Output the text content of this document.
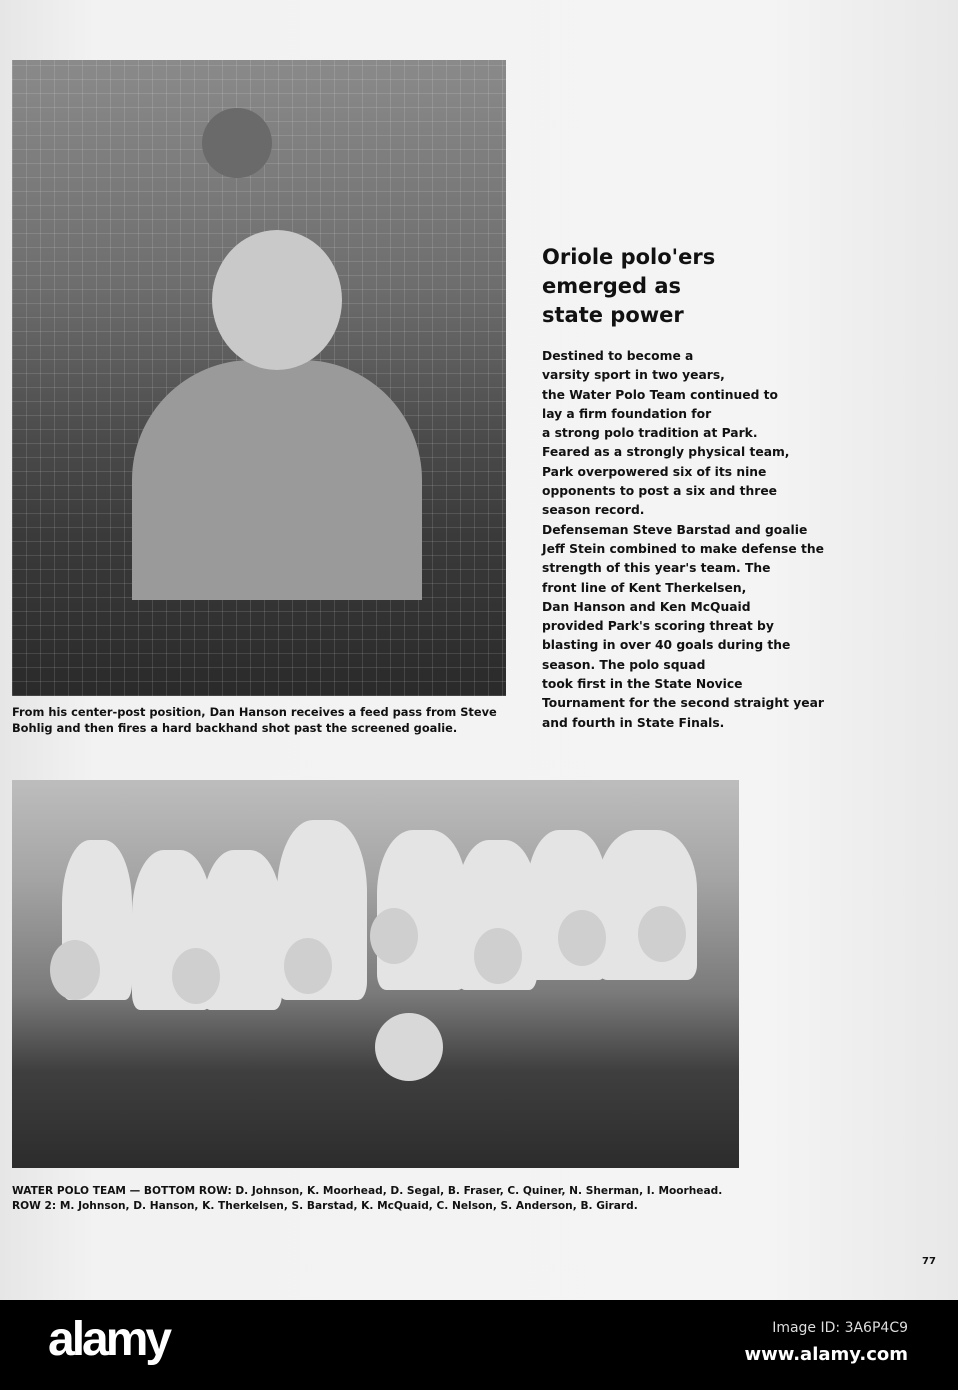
Oriole polo'ers
emerged as
state power
Destined to become a
varsity sport in two years,
the Water Polo Team continued to
lay a firm foundation for
a strong polo tradition at Park.
Feared as a strongly physical team,
Park overpowered six of its nine
opponents to post a six and three
season record.
Defenseman Steve Barstad and goalie
Jeff Stein combined to make defense the
strength of this year's team. The
front line of Kent Therkelsen,
Dan Hanson and Ken McQuaid
provided Park's scoring threat by
blasting in over 40 goals during the
season. The polo squad
took first in the State Novice
Tournament for the second straight year
and fourth in State Finals.
From his center-post position, Dan Hanson receives a feed pass from Steve Bohlig and then fires a hard backhand shot past the screened goalie.
WATER POLO TEAM — BOTTOM ROW: D. Johnson, K. Moorhead, D. Segal, B. Fraser, C. Quiner, N. Sherman, I. Moorhead.
ROW 2: M. Johnson, D. Hanson, K. Therkelsen, S. Barstad, K. McQuaid, C. Nelson, S. Anderson, B. Girard.
77
alamy	Image ID: 3A6P4C9
www.alamy.com
